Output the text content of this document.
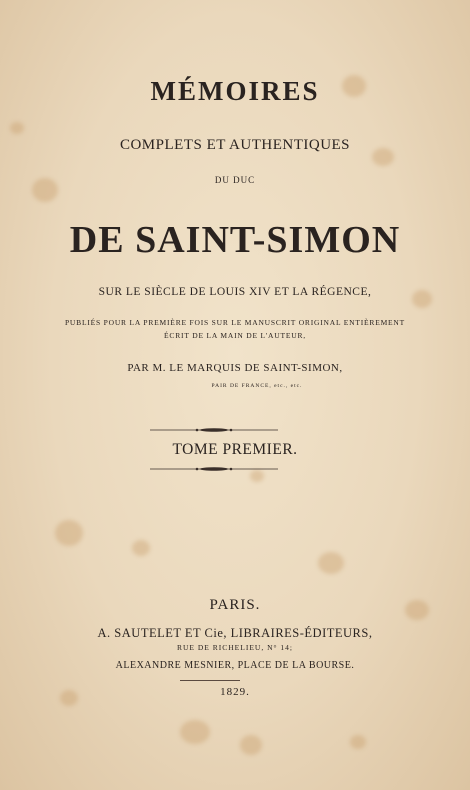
MÉMOIRES
COMPLETS ET AUTHENTIQUES
DU DUC
DE SAINT-SIMON
SUR LE SIÈCLE DE LOUIS XIV ET LA RÉGENCE,
PUBLIÉS POUR LA PREMIÈRE FOIS SUR LE MANUSCRIT ORIGINAL ENTIÈREMENT
ÉCRIT DE LA MAIN DE L'AUTEUR,
PAR M. LE MARQUIS DE SAINT-SIMON,
PAIR DE FRANCE, etc., etc.
TOME PREMIER.
PARIS.
A. SAUTELET ET Cie, LIBRAIRES-ÉDITEURS,
RUE DE RICHELIEU, N° 14;
ALEXANDRE MESNIER, PLACE DE LA BOURSE.
1829.
